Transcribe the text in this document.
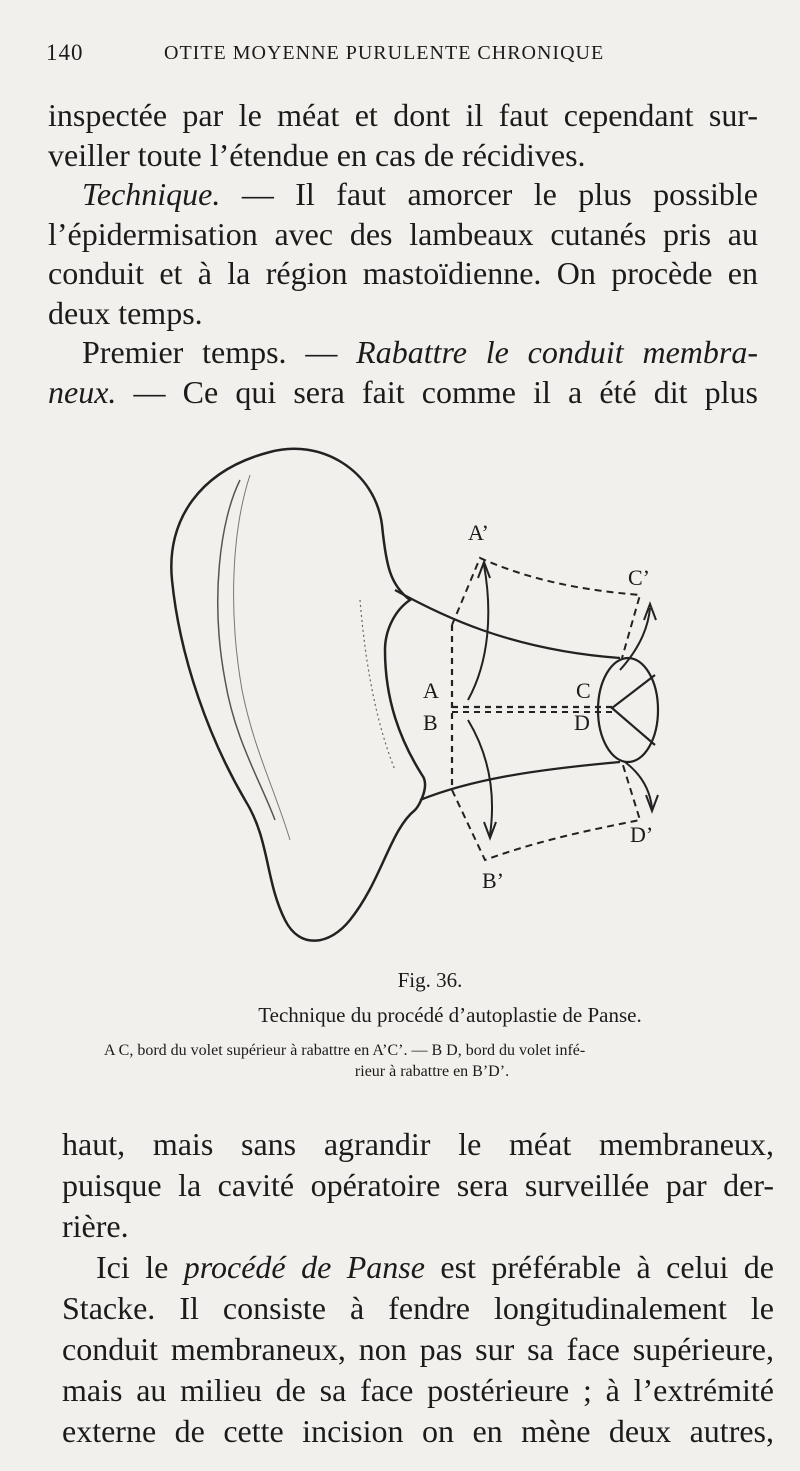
140	OTITE MOYENNE PURULENTE CHRONIQUE
inspectée par le méat et dont il faut cependant sur-
veiller toute l’étendue en cas de récidives.
Technique. — Il faut amorcer le plus possible
l’épidermisation avec des lambeaux cutanés pris au
conduit et à la région mastoïdienne. On procède en
deux temps.
Premier temps. — Rabattre le conduit membra-
neux. — Ce qui sera fait comme il a été dit plus
A’
C’
A
B
C
D
D’
B’
Fig. 36.
Technique du procédé d’autoplastie de Panse.
A C, bord du volet supérieur à rabattre en A’C’. — B D, bord du volet infé-
rieur à rabattre en B’D’.
haut, mais sans agrandir le méat membraneux,
puisque la cavité opératoire sera surveillée par der-
rière.
Ici le procédé de Panse est préférable à celui de
Stacke. Il consiste à fendre longitudinalement le
conduit membraneux, non pas sur sa face supérieure,
mais au milieu de sa face postérieure ; à l’extrémité
externe de cette incision on en mène deux autres,
